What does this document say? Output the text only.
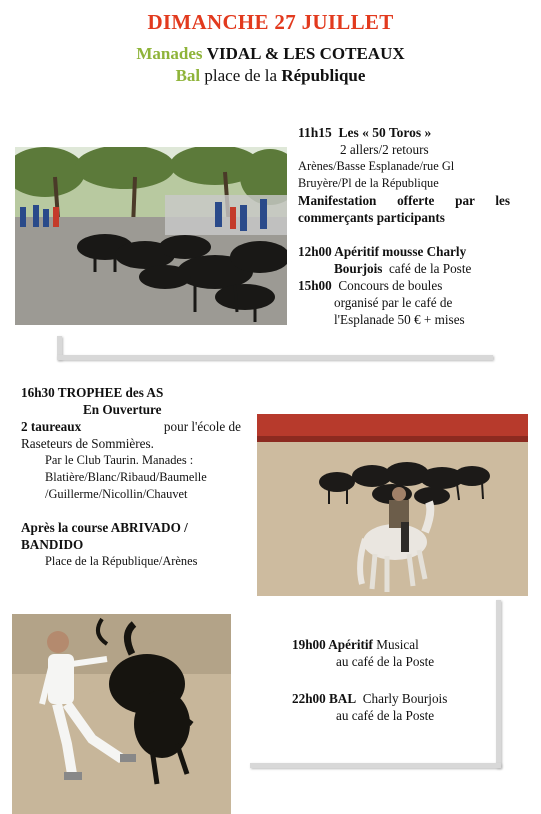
DIMANCHE 27 JUILLET
Manades VIDAL & LES COTEAUX
Bal place de la République
11h15 Les « 50 Toros »
2 allers/2 retours
Arènes/Basse Esplanade/rue Gl
Bruyère/Pl de la République
Manifestation offerte par les
commerçants participants
12h00 Apéritif mousse Charly
Bourjois café de la Poste
15h00 Concours de boules
organisé par le café de
l'Esplanade 50 € + mises
16h30 TROPHEE des AS
En Ouverture
2 taureaux	pour l'école de
Raseteurs de Sommières.
Par le Club Taurin. Manades :
Blatière/Blanc/Ribaud/Baumelle
/Guillerme/Nicollin/Chauvet
Après la course ABRIVADO /
BANDIDO
Place de la République/Arènes
19h00 Apéritif Musical
au café de la Poste
22h00 BAL Charly Bourjois
au café de la Poste
